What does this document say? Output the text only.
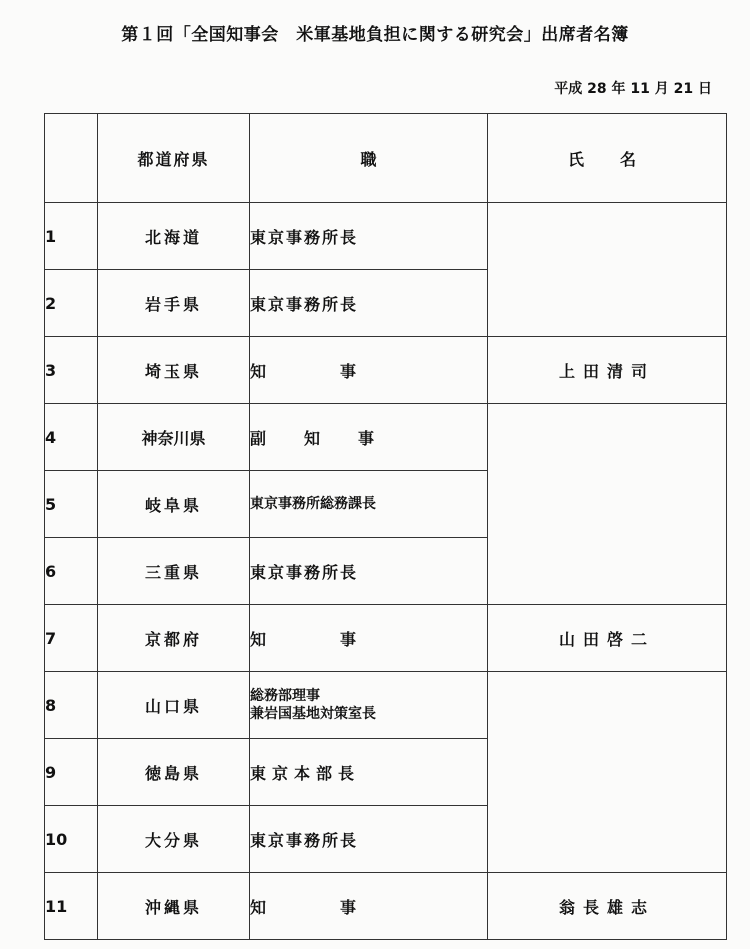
第１回「全国知事会　米軍基地負担に関する研究会」出席者名簿
平成 28 年 11 月 21 日
	都道府県	職	氏　名
1	北海道	東京事務所長	
2	岩手県	東京事務所長	
3	埼玉県	知　　　　事	上田清司
4	神奈川県	副　　知　　事	
5	岐阜県	東京事務所総務課長	
6	三重県	東京事務所長	
7	京都府	知　　　　事	山田啓二
8	山口県	総務部理事
兼岩国基地対策室長	
9	徳島県	東京本部長	
10	大分県	東京事務所長	
11	沖縄県	知　　　　事	翁長雄志
